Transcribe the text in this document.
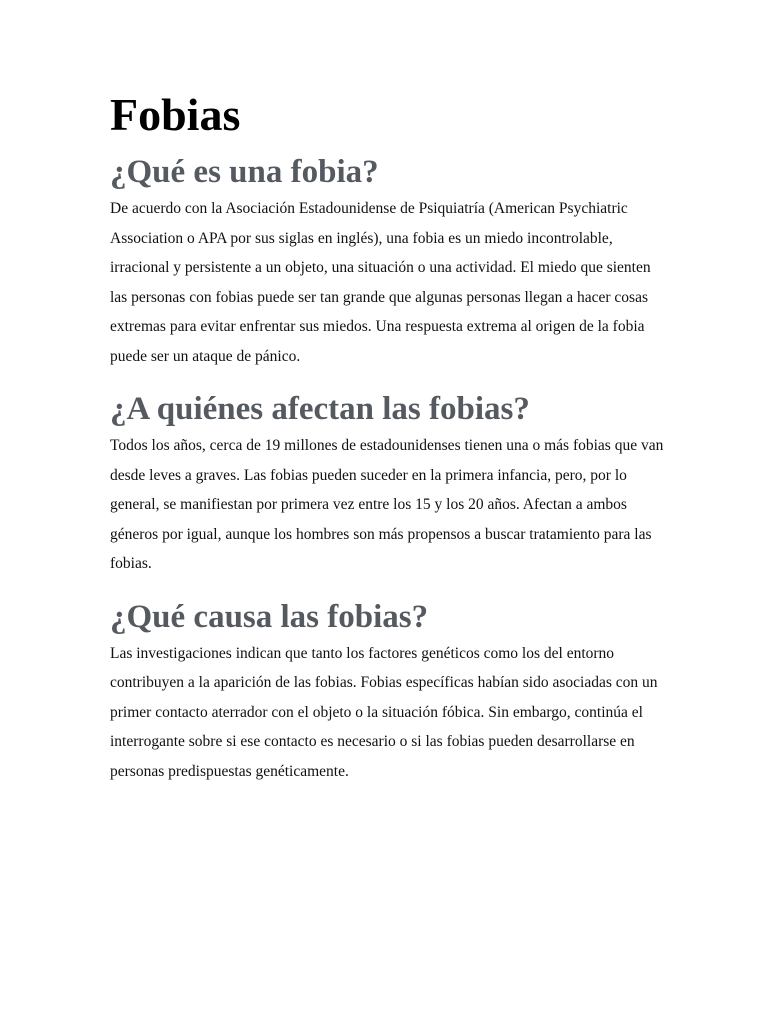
Fobias
¿Qué es una fobia?

De acuerdo con la Asociación Estadounidense de Psiquiatría (American Psychiatric Association o APA por sus siglas en inglés), una fobia es un miedo incontrolable, irracional y persistente a un objeto, una situación o una actividad. El miedo que sienten las personas con fobias puede ser tan grande que algunas personas llegan a hacer cosas extremas para evitar enfrentar sus miedos. Una respuesta extrema al origen de la fobia puede ser un ataque de pánico.

¿A quiénes afectan las fobias?

Todos los años, cerca de 19 millones de estadounidenses tienen una o más fobias que van desde leves a graves. Las fobias pueden suceder en la primera infancia, pero, por lo general, se manifiestan por primera vez entre los 15 y los 20 años. Afectan a ambos géneros por igual, aunque los hombres son más propensos a buscar tratamiento para las fobias.

¿Qué causa las fobias?

Las investigaciones indican que tanto los factores genéticos como los del entorno contribuyen a la aparición de las fobias. Fobias específicas habían sido asociadas con un primer contacto aterrador con el objeto o la situación fóbica. Sin embargo, continúa el interrogante sobre si ese contacto es necesario o si las fobias pueden desarrollarse en personas predispuestas genéticamente.
